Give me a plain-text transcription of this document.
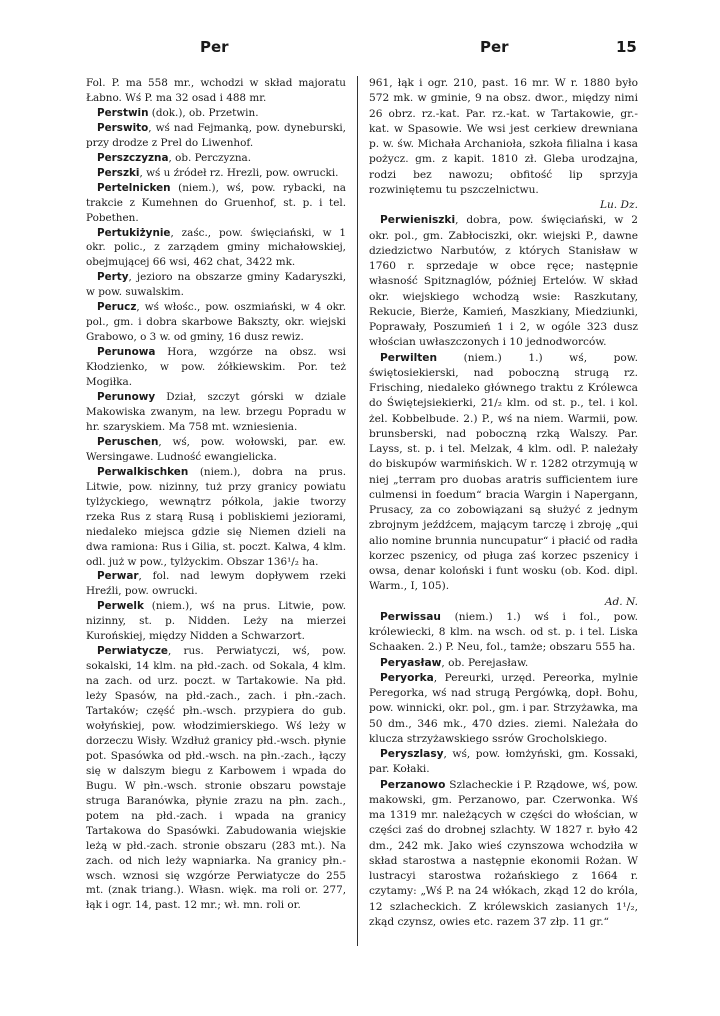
Per	Per	15

Fol. P. ma 558 mr., wchodzi w skład majoratu Łabno. Wś P. ma 32 osad i 488 mr.

Perstwin (dok.), ob. Przetwin.

Perswito, wś nad Fejmanką, pow. dyneburski, przy drodze z Prel do Liwenhof.

Perszczyzna, ob. Perczyzna.

Perszki, wś u źródeł rz. Hrezli, pow. owrucki.

Pertelnicken (niem.), wś, pow. rybacki, na trakcie z Kumehnen do Gruenhof, st. p. i tel. Pobethen.

Pertukiżynie, zaśc., pow. święciański, w 1 okr. polic., z zarządem gminy michałowskiej, obejmującej 66 wsi, 462 chat, 3422 mk.

Perty, jezioro na obszarze gminy Kadaryszki, w pow. suwalskim.

Perucz, wś włośc., pow. oszmiański, w 4 okr. pol., gm. i dobra skarbowe Bakszty, okr. wiejski Grabowo, o 3 w. od gminy, 16 dusz rewiz.

Perunowa Hora, wzgórze na obsz. wsi Kłodzienko, w pow. żółkiewskim. Por. też Mogiłka.

Perunowy Dział, szczyt górski w dziale Makowiska zwanym, na lew. brzegu Popradu w hr. szaryskiem. Ma 758 mt. wzniesienia.

Peruschen, wś, pow. wołowski, par. ew. Wersingawe. Ludność ewangielicka.

Perwalkischken (niem.), dobra na prus. Litwie, pow. nizinny, tuż przy granicy powiatu tylżyckiego, wewnątrz półkola, jakie tworzy rzeka Rus z starą Rusą i pobliskiemi jeziorami, niedaleko miejsca gdzie się Niemen dzieli na dwa ramiona: Rus i Gilia, st. poczt. Kalwa, 4 klm. odl. już w pow., tylżyckim. Obszar 136¹/₂ ha.

Perwar, fol. nad lewym dopływem rzeki Hreźli, pow. owrucki.

Perwelk (niem.), wś na prus. Litwie, pow. nizinny, st. p. Nidden. Leży na mierzei Kurońskiej, między Nidden a Schwarzort.

Perwiatycze, rus. Perwiatyczi, wś, pow. sokalski, 14 klm. na płd.-zach. od Sokala, 4 klm. na zach. od urz. poczt. w Tartakowie. Na płd. leży Spasów, na płd.-zach., zach. i płn.-zach. Tartaków; część płn.-wsch. przypiera do gub. wołyńskiej, pow. włodzimierskiego. Wś leży w dorzeczu Wisły. Wzdłuż granicy płd.-wsch. płynie pot. Spasówka od płd.-wsch. na płn.-zach., łączy się w dalszym biegu z Karbowem i wpada do Bugu. W płn.-wsch. stronie obszaru powstaje struga Baranówka, płynie zrazu na płn. zach., potem na płd.-zach. i wpada na granicy Tartakowa do Spasówki. Zabudowania wiejskie leżą w płd.-zach. stronie obszaru (283 mt.). Na zach. od nich leży wapniarka. Na granicy płn.-wsch. wznosi się wzgórze Perwiatycze do 255 mt. (znak triang.). Własn. więk. ma roli or. 277, łąk i ogr. 14, past. 12 mr.; wł. mn. roli or.

961, łąk i ogr. 210, past. 16 mr. W r. 1880 było 572 mk. w gminie, 9 na obsz. dwor., między nimi 26 obrz. rz.-kat. Par. rz.-kat. w Tartakowie, gr.-kat. w Spasowie. We wsi jest cerkiew drewniana p. w. św. Michała Archanioła, szkoła filialna i kasa pożycz. gm. z kapit. 1810 zł. Gleba urodzajna, rodzi bez nawozu; obfitość lip sprzyja rozwiniętemu tu pszczelnictwu.
Lu. Dz.

Perwieniszki, dobra, pow. święciański, w 2 okr. pol., gm. Zabłociszki, okr. wiejski P., dawne dziedzictwo Narbutów, z których Stanisław w 1760 r. sprzedaje w obce ręce; następnie własność Spitznaglów, później Ertelów. W skład okr. wiejskiego wchodzą wsie: Raszkutany, Rekucie, Bierże, Kamień, Maszkiany, Miedziunki, Poprawały, Poszumień 1 i 2, w ogóle 323 dusz włościan uwłaszczonych i 10 jednodworców.

Perwilten (niem.) 1.) wś, pow. świętosiekierski, nad poboczną strugą rz. Frisching, niedaleko głównego traktu z Królewca do Świętejsiekierki, 21/₂ klm. od st. p., tel. i kol. żel. Kobbelbude. 2.) P., wś na niem. Warmii, pow. brunsberski, nad poboczną rzką Walszy. Par. Layss, st. p. i tel. Melzak, 4 klm. odl. P. należały do biskupów warmińskich. W r. 1282 otrzymują w niej „terram pro duobas aratris sufficientem iure culmensi in foedum“ bracia Wargin i Napergann, Prusacy, za co zobowiązani są służyć z jednym zbrojnym jeźdźcem, mającym tarczę i zbroję „qui alio nomine brunnia nuncupatur“ i płacić od radła korzec pszenicy, od pługa zaś korzec pszenicy i owsa, denar koloński i funt wosku (ob. Kod. dipl. Warm., I, 105).
Ad. N.

Perwissau (niem.) 1.) wś i fol., pow. królewiecki, 8 klm. na wsch. od st. p. i tel. Liska Schaaken. 2.) P. Neu, fol., tamże; obszaru 555 ha.

Peryasław, ob. Perejasław.

Peryorka, Pereurki, urzęd. Pereorka, mylnie Peregorka, wś nad strugą Pergówką, dopł. Bohu, pow. winnicki, okr. pol., gm. i par. Strzyżawka, ma 50 dm., 346 mk., 470 dzies. ziemi. Należała do klucza strzyżawskiego ssrów Grocholskiego.

Peryszlasy, wś, pow. łomżyński, gm. Kossaki, par. Kołaki.

Perzanowo Szlacheckie i P. Rządowe, wś, pow. makowski, gm. Perzanowo, par. Czerwonka. Wś ma 1319 mr. należących w części do włościan, w części zaś do drobnej szlachty. W 1827 r. było 42 dm., 242 mk. Jako wieś czynszowa wchodziła w skład starostwa a następnie ekonomii Rożan. W lustracyi starostwa rożańskiego z 1664 r. czytamy: „Wś P. na 24 włókach, zkąd 12 do króla, 12 szlacheckich. Z królewskich zasianych 1¹/₂, zkąd czynsz, owies etc. razem 37 złp. 11 gr.“
